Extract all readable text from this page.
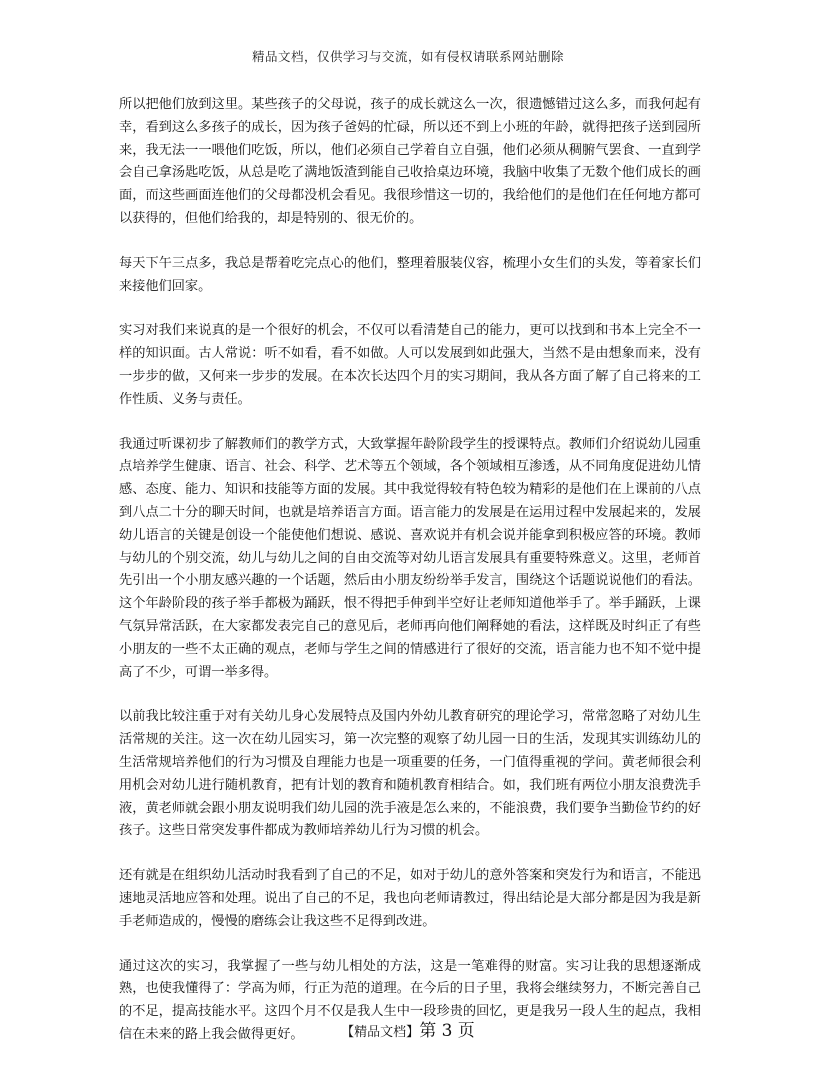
精品文档，仅供学习与交流，如有侵权请联系网站删除

所以把他们放到这里。某些孩子的父母说，孩子的成长就这么一次，很遗憾错过这么多，而我何起有幸，看到这么多孩子的成长，因为孩子爸妈的忙碌，所以还不到上小班的年龄，就得把孩子送到园所来，我无法一一喂他们吃饭，所以，他们必须自己学着自立自强，他们必须从稠腑气罢食、一直到学会自己拿汤匙吃饭，从总是吃了满地饭渣到能自己收拾桌边环境，我脑中收集了无数个他们成长的画面，而这些画面连他们的父母都没机会看见。我很珍惜这一切的，我给他们的是他们在任何地方都可以获得的，但他们给我的，却是特别的、很无价的。

每天下午三点多，我总是帮着吃完点心的他们，整理着服装仪容，梳理小女生们的头发，等着家长们来接他们回家。

实习对我们来说真的是一个很好的机会，不仅可以看清楚自己的能力，更可以找到和书本上完全不一样的知识面。古人常说：听不如看，看不如做。人可以发展到如此强大，当然不是由想象而来，没有一步步的做，又何来一步步的发展。在本次长达四个月的实习期间，我从各方面了解了自己将来的工作性质、义务与责任。

我通过听课初步了解教师们的教学方式，大致掌握年龄阶段学生的授课特点。教师们介绍说幼儿园重点培养学生健康、语言、社会、科学、艺术等五个领域，各个领域相互渗透，从不同角度促进幼儿情感、态度、能力、知识和技能等方面的发展。其中我觉得较有特色较为精彩的是他们在上课前的八点到八点二十分的聊天时间，也就是培养语言方面。语言能力的发展是在运用过程中发展起来的，发展幼儿语言的关键是创设一个能使他们想说、感说、喜欢说并有机会说并能拿到积极应答的环境。教师与幼儿的个别交流，幼儿与幼儿之间的自由交流等对幼儿语言发展具有重要特殊意义。这里，老师首先引出一个小朋友感兴趣的一个话题，然后由小朋友纷纷举手发言，围绕这个话题说说他们的看法。这个年龄阶段的孩子举手都极为踊跃，恨不得把手伸到半空好让老师知道他举手了。举手踊跃，上课气氛异常活跃，在大家都发表完自己的意见后，老师再向他们阐释她的看法，这样既及时纠正了有些小朋友的一些不太正确的观点，老师与学生之间的情感进行了很好的交流，语言能力也不知不觉中提高了不少，可谓一举多得。

以前我比较注重于对有关幼儿身心发展特点及国内外幼儿教育研究的理论学习，常常忽略了对幼儿生活常规的关注。这一次在幼儿园实习，第一次完整的观察了幼儿园一日的生活，发现其实训练幼儿的生活常规培养他们的行为习惯及自理能力也是一项重要的任务，一门值得重视的学问。黄老师很会利用机会对幼儿进行随机教育，把有计划的教育和随机教育相结合。如，我们班有两位小朋友浪费洗手液，黄老师就会跟小朋友说明我们幼儿园的洗手液是怎么来的，不能浪费，我们要争当勤俭节约的好孩子。这些日常突发事件都成为教师培养幼儿行为习惯的机会。

还有就是在组织幼儿活动时我看到了自己的不足，如对于幼儿的意外答案和突发行为和语言，不能迅速地灵活地应答和处理。说出了自己的不足，我也向老师请教过，得出结论是大部分都是因为我是新手老师造成的，慢慢的磨练会让我这些不足得到改进。

通过这次的实习，我掌握了一些与幼儿相处的方法，这是一笔难得的财富。实习让我的思想逐渐成熟，也使我懂得了：学高为师，行正为范的道理。在今后的日子里，我将会继续努力，不断完善自己的不足，提高技能水平。这四个月不仅是我人生中一段珍贵的回忆，更是我另一段人生的起点，我相信在未来的路上我会做得更好。	【精品文档】第 3 页
